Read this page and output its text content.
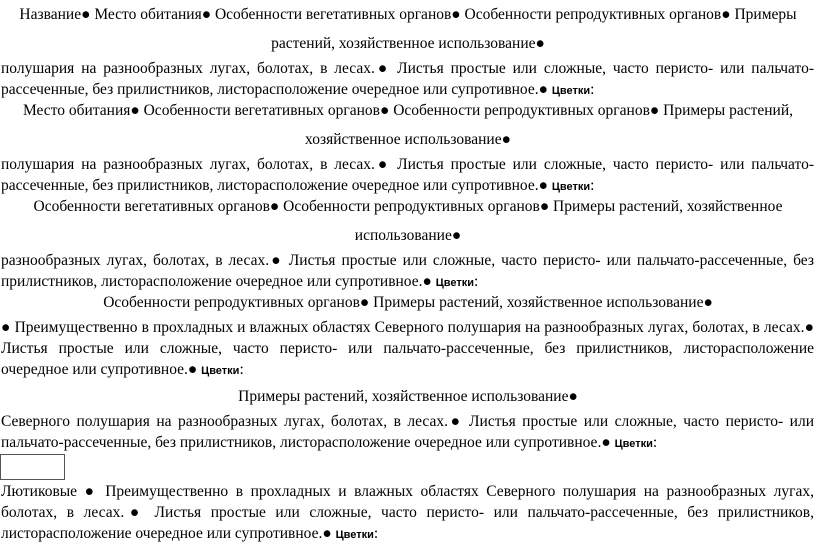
Название● Место обитания● Особенности вегетативных органов● Особенности репродуктивных органов● Примеры

растений, хозяйственное использование●

полушария на разнообразных лугах, болотах, в лесах.● Листья простые или сложные, часто перисто- или пальчато-рассеченные, без прилистников, листорасположение очередное или супротивное.● Цветки:

Место обитания● Особенности вегетативных органов● Особенности репродуктивных органов● Примеры растений,

хозяйственное использование●

полушария на разнообразных лугах, болотах, в лесах.● Листья простые или сложные, часто перисто- или пальчато-рассеченные, без прилистников, листорасположение очередное или супротивное.● Цветки:

Особенности вегетативных органов● Особенности репродуктивных органов● Примеры растений, хозяйственное

использование●

разнообразных лугах, болотах, в лесах.● Листья простые или сложные, часто перисто- или пальчато-рассеченные, без прилистников, листорасположение очередное или супротивное.● Цветки:

Особенности репродуктивных органов● Примеры растений, хозяйственное использование●

● Преимущественно в прохладных и влажных областях Северного полушария на разнообразных лугах, болотах, в лесах.● Листья простые или сложные, часто перисто- или пальчато-рассеченные, без прилистников, листорасположение очередное или супротивное.● Цветки:

Примеры растений, хозяйственное использование●

Северного полушария на разнообразных лугах, болотах, в лесах.● Листья простые или сложные, часто перисто- или пальчато-рассеченные, без прилистников, листорасположение очередное или супротивное.● Цветки:

Лютиковые ● Преимущественно в прохладных и влажных областях Северного полушария на разнообразных лугах, болотах, в лесах.● Листья простые или сложные, часто перисто- или пальчато-рассеченные, без прилистников, листорасположение очередное или супротивное.● Цветки:
